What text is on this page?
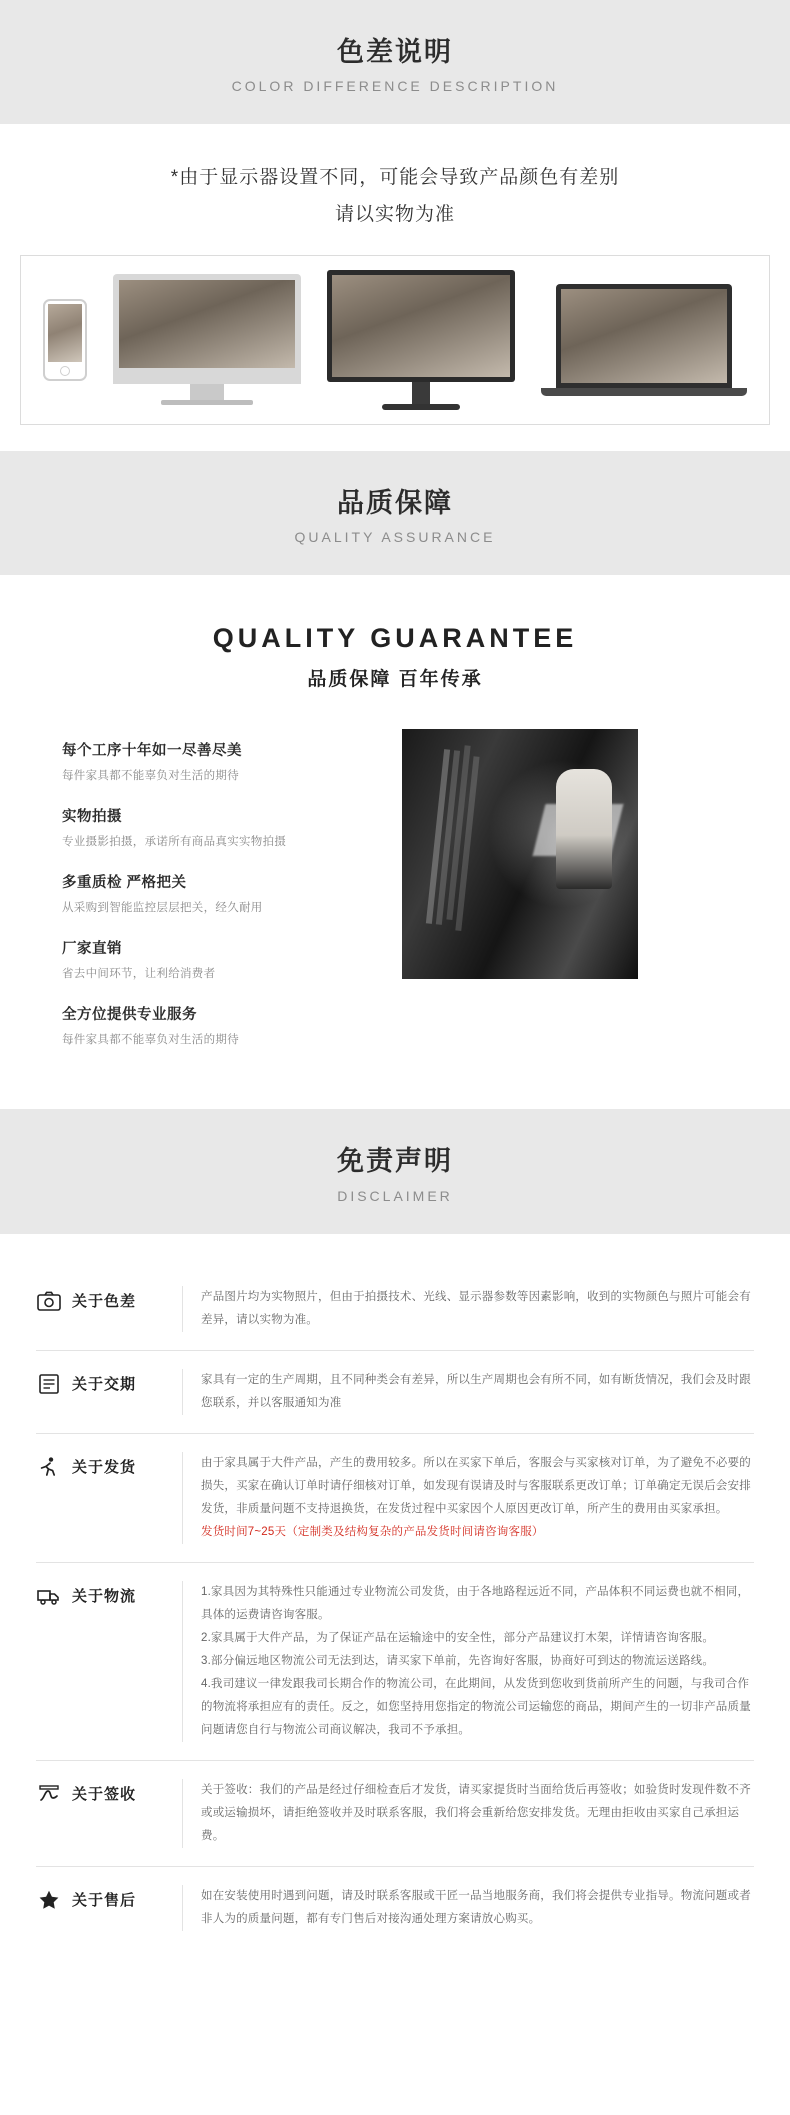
色差说明
COLOR DIFFERENCE DESCRIPTION
*由于显示器设置不同，可能会导致产品颜色有差别
请以实物为准
品质保障
QUALITY ASSURANCE
QUALITY GUARANTEE
品质保障 百年传承
每个工序十年如一尽善尽美
每件家具都不能辜负对生活的期待
实物拍摄
专业摄影拍摄，承诺所有商品真实实物拍摄
多重质检 严格把关
从采购到智能监控层层把关，经久耐用
厂家直销
省去中间环节，让利给消费者
全方位提供专业服务
每件家具都不能辜负对生活的期待
免责声明
DISCLAIMER
关于色差	产品图片均为实物照片，但由于拍摄技术、光线、显示器参数等因素影响，收到的实物颜色与照片可能会有差异，请以实物为准。

关于交期	家具有一定的生产周期，且不同种类会有差异，所以生产周期也会有所不同，如有断货情况，我们会及时跟您联系，并以客服通知为准

关于发货	由于家具属于大件产品，产生的费用较多。所以在买家下单后，客服会与买家核对订单，为了避免不必要的损失，买家在确认订单时请仔细核对订单，如发现有误请及时与客服联系更改订单；订单确定无误后会安排发货，非质量问题不支持退换货，在发货过程中买家因个人原因更改订单，所产生的费用由买家承担。

发货时间7~25天（定制类及结构复杂的产品发货时间请咨询客服）

关于物流	1.家具因为其特殊性只能通过专业物流公司发货，由于各地路程远近不同，产品体积不同运费也就不相同，具体的运费请咨询客服。

2.家具属于大件产品，为了保证产品在运输途中的安全性，部分产品建议打木架，详情请咨询客服。

3.部分偏远地区物流公司无法到达，请买家下单前，先咨询好客服，协商好可到达的物流运送路线。

4.我司建议一律发跟我司长期合作的物流公司，在此期间，从发货到您收到货前所产生的问题，与我司合作的物流将承担应有的责任。反之，如您坚持用您指定的物流公司运输您的商品，期间产生的一切非产品质量问题请您自行与物流公司商议解决，我司不予承担。

关于签收	关于签收：我们的产品是经过仔细检查后才发货，请买家提货时当面给货后再签收；如验货时发现件数不齐或或运输损坏，请拒绝签收并及时联系客服，我们将会重新给您安排发货。无理由拒收由买家自己承担运费。

关于售后	如在安装使用时遇到问题，请及时联系客服或干匠一品当地服务商，我们将会提供专业指导。物流问题或者非人为的质量问题，都有专门售后对接沟通处理方案请放心购买。
